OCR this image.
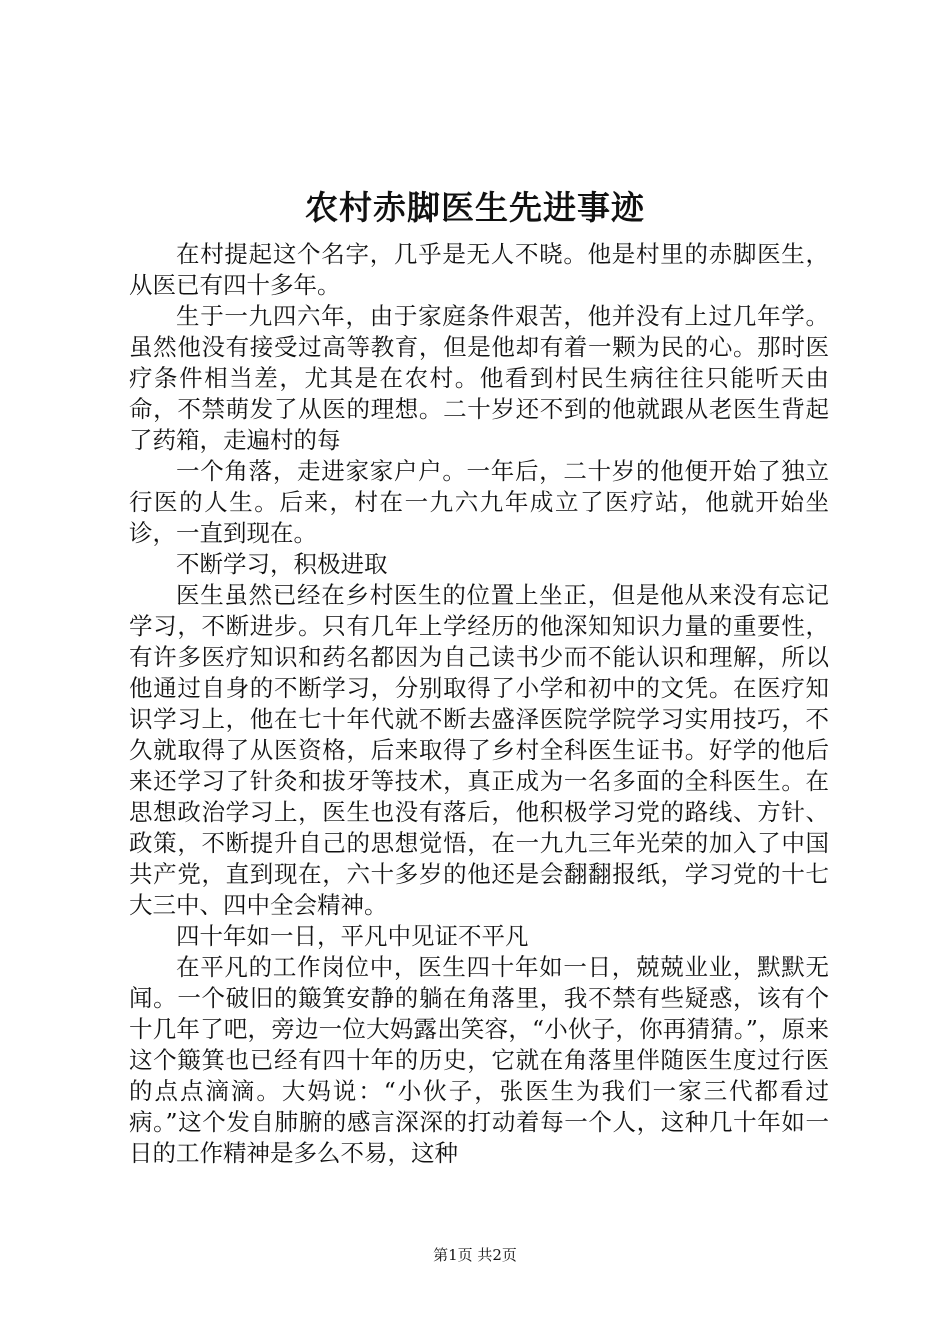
农村赤脚医生先进事迹

在村提起这个名字，几乎是无人不晓。他是村里的赤脚医生，从医已有四十多年。

生于一九四六年，由于家庭条件艰苦，他并没有上过几年学。虽然他没有接受过高等教育，但是他却有着一颗为民的心。那时医疗条件相当差，尤其是在农村。他看到村民生病往往只能听天由命，不禁萌发了从医的理想。二十岁还不到的他就跟从老医生背起了药箱，走遍村的每

一个角落，走进家家户户。一年后，二十岁的他便开始了独立行医的人生。后来，村在一九六九年成立了医疗站，他就开始坐诊，一直到现在。

不断学习，积极进取

医生虽然已经在乡村医生的位置上坐正，但是他从来没有忘记学习，不断进步。只有几年上学经历的他深知知识力量的重要性，有许多医疗知识和药名都因为自己读书少而不能认识和理解，所以他通过自身的不断学习，分别取得了小学和初中的文凭。在医疗知识学习上，他在七十年代就不断去盛泽医院学院学习实用技巧，不久就取得了从医资格，后来取得了乡村全科医生证书。好学的他后来还学习了针灸和拔牙等技术，真正成为一名多面的全科医生。在思想政治学习上，医生也没有落后，他积极学习党的路线、方针、政策，不断提升自己的思想觉悟，在一九九三年光荣的加入了中国共产党，直到现在，六十多岁的他还是会翻翻报纸，学习党的十七大三中、四中全会精神。

四十年如一日，平凡中见证不平凡

在平凡的工作岗位中，医生四十年如一日，兢兢业业，默默无闻。一个破旧的簸箕安静的躺在角落里，我不禁有些疑惑，该有个十几年了吧，旁边一位大妈露出笑容，“小伙子，你再猜猜。”，原来这个簸箕也已经有四十年的历史，它就在角落里伴随医生度过行医的点点滴滴。大妈说：“小伙子，张医生为我们一家三代都看过病。”这个发自肺腑的感言深深的打动着每一个人，这种几十年如一日的工作精神是多么不易，这种

第1页 共2页
